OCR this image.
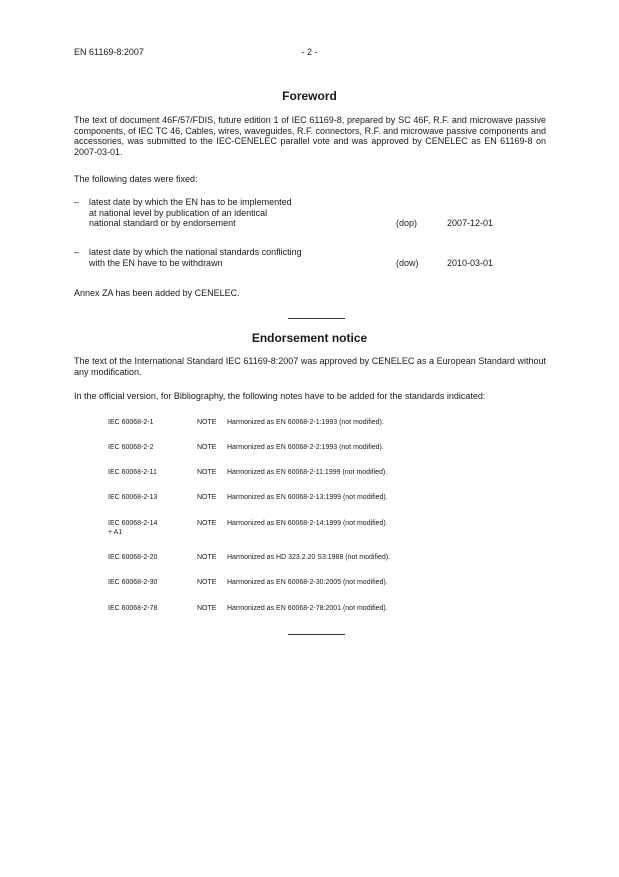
EN 61169-8:2007	- 2 -
Foreword
The text of document 46F/57/FDIS, future edition 1 of IEC 61169-8, prepared by SC 46F, R.F. and microwave passive components, of IEC TC 46, Cables, wires, waveguides, R.F. connectors, R.F. and microwave passive components and accessories, was submitted to the IEC-CENELEC parallel vote and was approved by CENELEC as EN 61169-8 on 2007-03-01.
The following dates were fixed:
– latest date by which the EN has to be implemented
at national level by publication of an identical
national standard or by endorsement	(dop)	2007-12-01
– latest date by which the national standards conflicting
with the EN have to be withdrawn	(dow)	2010-03-01
Annex ZA has been added by CENELEC.
Endorsement notice
The text of the International Standard IEC 61169-8:2007 was approved by CENELEC as a European Standard without any modification.
In the official version, for Bibliography, the following notes have to be added for the standards indicated:
IEC 60068-2-1	NOTE Harmonized as EN 60068-2-1:1993 (not modified).
IEC 60068-2-2	NOTE Harmonized as EN 60068-2-2:1993 (not modified).
IEC 60068-2-11	NOTE Harmonized as EN 60068-2-11:1999 (not modified).
IEC 60068-2-13	NOTE Harmonized as EN 60068-2-13:1999 (not modified).
IEC 60068-2-14
+ A1
NOTE Harmonized as EN 60068-2-14:1999 (not modified).
IEC 60068-2-20	NOTE Harmonized as HD 323.2.20 S3:1988 (not modified).
IEC 60068-2-30	NOTE Harmonized as EN 60068-2-30:2005 (not modified).
IEC 60068-2-78	NOTE Harmonized as EN 60068-2-78:2001 (not modified).
